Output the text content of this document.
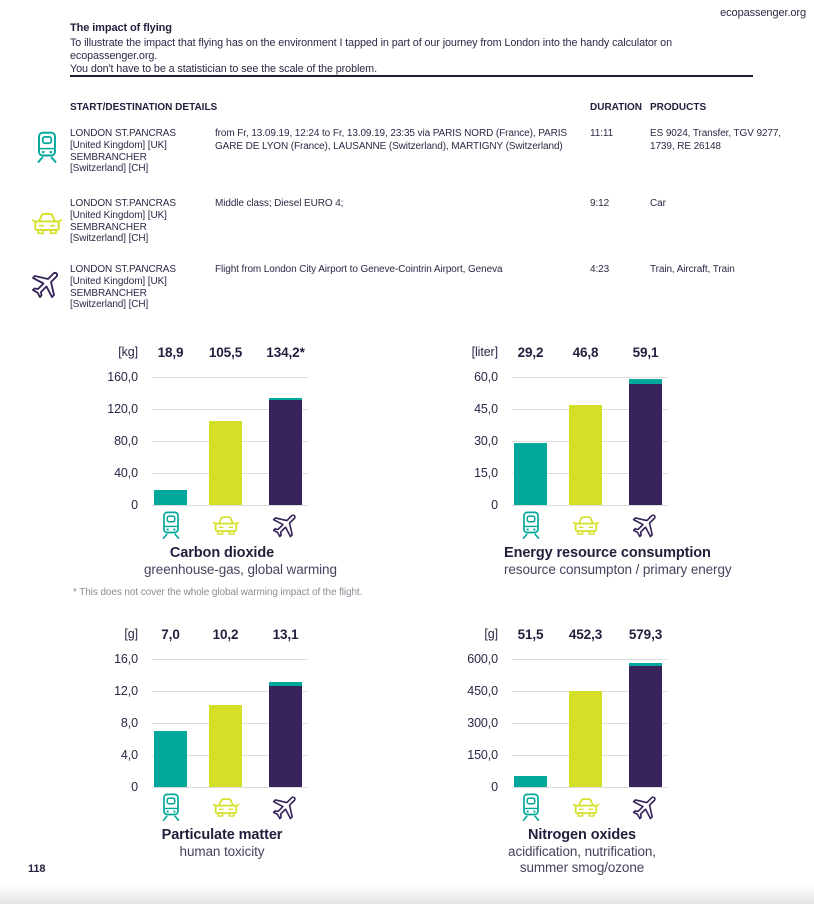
ecopassenger.org
The impact of flying
To illustrate the impact that flying has on the environment I tapped in part of our journey from London into the handy calculator on ecopassenger.org.
You don't have to be a statistician to see the scale of the problem.
START/DESTINATION DETAILS	DURATION PRODUCTS
LONDON ST.PANCRAS
[United Kingdom] [UK]
SEMBRANCHER
[Switzerland] [CH]
from Fr, 13.09.19, 12:24 to Fr, 13.09.19, 23:35 via PARIS NORD (France), PARIS GARE DE LYON (France), LAUSANNE (Switzerland), MARTIGNY (Switzerland)
11:11	ES 9024, Transfer, TGV 9277, 1739, RE 26148
LONDON ST.PANCRAS
[United Kingdom] [UK]
SEMBRANCHER
[Switzerland] [CH]
Middle class; Diesel EURO 4;	9:12	Car
LONDON ST.PANCRAS
[United Kingdom] [UK]
SEMBRANCHER
[Switzerland] [CH]
Flight from London City Airport to Geneve-Cointrin Airport, Geneva	4:23	Train, Aircraft, Train
[kg]	18,9	105,5	134,2*
160,0
120,0
80,0
40,0
0
Carbon dioxide
greenhouse-gas, global warming
[liter]	29,2	46,8	59,1
60,0
45,0
30,0
15,0
0
Energy resource consumption
resource consumpton / primary energy
[g]	7,0	10,2	13,1
16,0
12,0
8,0
4,0
0
Particulate matter
human toxicity
[g]	51,5	452,3	579,3
600,0
450,0
300,0
150,0
0
Nitrogen oxides
acidification, nutrification,
summer smog/ozone
* This does not cover the whole global warming impact of the flight.
118
